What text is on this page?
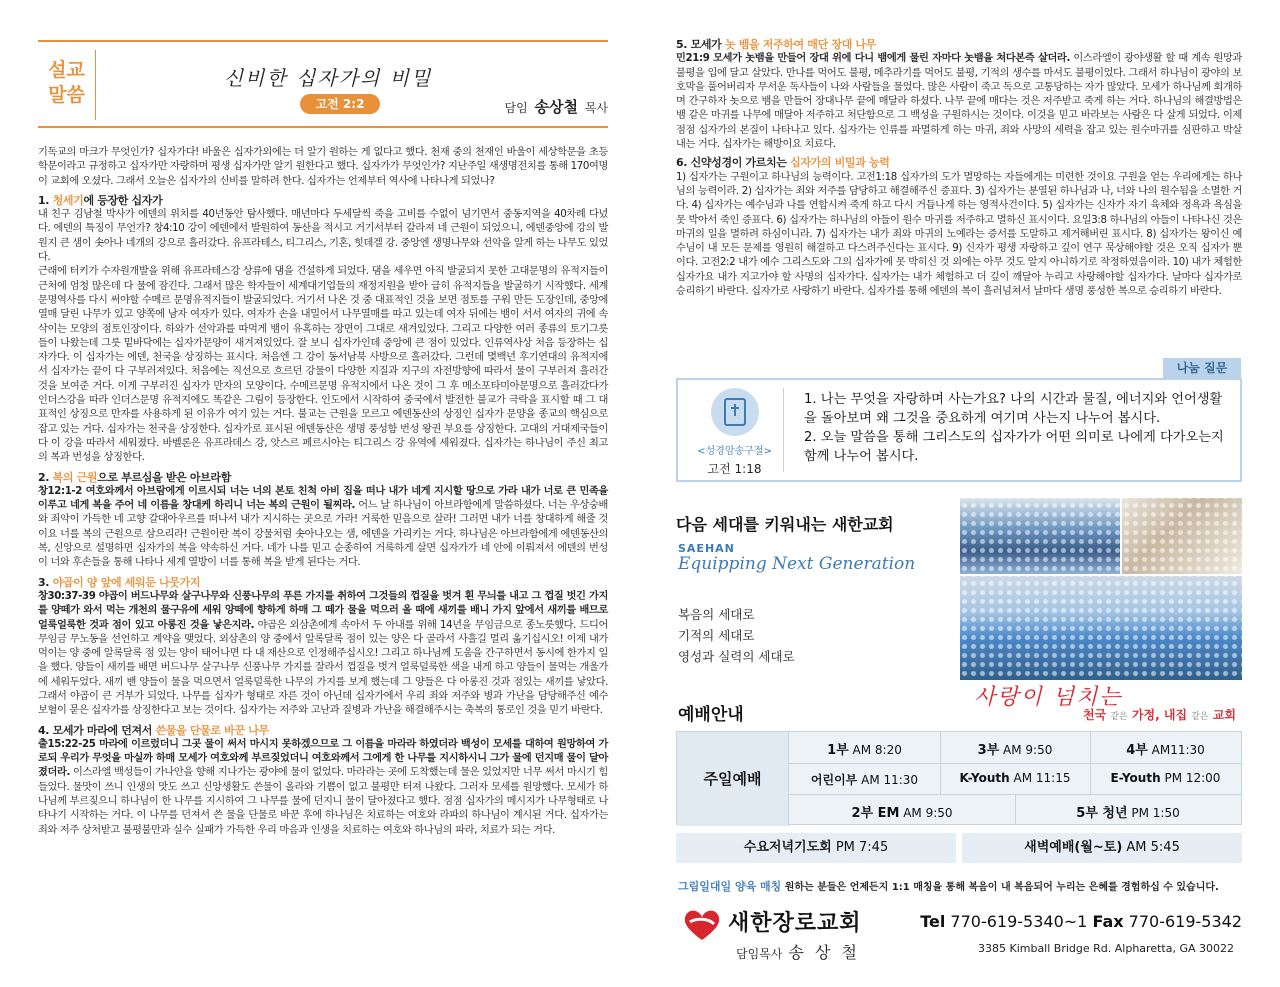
설교
말씀
신비한 십자가의 비밀
고전 2:2	담임 송상철 목사

기독교의 마크가 무엇인가? 십자가다! 바울은 십자가외에는 더 알기 원하는 게 없다고 했다. 천재 중의 천재인 바울이 세상학문을 초등학문이라고 규정하고 십자가만 자랑하며 평생 십자가만 알기 원한다고 했다. 십자가가 무엇인가? 지난주일 새생명전치를 통해 170여명이 교회에 오셨다. 그래서 오늘은 십자가의 신비를 말하려 한다. 십자가는 언제부터 역사에 나타나게 되었나?

1. 청세기에 등장한 십자가

내 친구 김남철 박사가 에덴의 위치를 40년동안 탐사했다. 매년마다 두세달씩 죽을 고비를 수없이 넘기면서 중동지역을 40차례 다녔다. 에덴의 특징이 무언가? 창4:10 강이 에덴에서 발원하여 동산을 적시고 거기서부터 갈라져 네 근원이 되었으니, 에덴중앙에 강의 발원지 큰 샘이 솟아나 네개의 강으로 흘러갔다. 유프라테스, 티그리스, 기혼, 힛데겔 강. 중앙엔 생명나무와 선악을 알게 하는 나무도 있었다.
근래에 터키가 수자원개발을 위해 유프라테스강 상류에 댐을 건설하게 되었다. 댐을 세우면 아직 발굴되지 못한 고대문명의 유적지들이 근처에 엄청 많은데 다 물에 잠긴다. 그래서 많은 학자들이 세계대기업들의 재정지원을 받아 급히 유적지들을 발굴하기 시작했다. 세계문명역사를 다시 써야할 수메르 문명유적지들이 발굴되었다. 거기서 나온 것 중 대표적인 것을 보면 점토를 구워 만든 도장인데, 중앙에 열매 달린 나무가 있고 양쪽에 남자 여자가 있다. 여자가 손을 내밀어서 나무열매를 따고 있는데 여자 뒤에는 뱀이 서서 여자의 귀에 속삭이는 모양의 점토인장이다. 하와가 선악과를 따먹게 뱀이 유혹하는 장면이 그대로 새겨있었다. 그리고 다양한 여러 종류의 토기그릇들이 나왔는데 그릇 밑바닥에는 십자가문양이 새겨져있었다. 잘 보니 십자가인데 중앙에 큰 점이 있었다. 인류역사상 처음 등장하는 십자가다. 이 십자가는 에덴, 천국을 상징하는 표시다. 처음엔 그 강이 동서남북 사방으로 흘러갔다. 그런데 몇백년 후기연대의 유적지에서 십자가는 끝이 다 구부러져있다. 처음에는 직선으로 흐르던 강물이 다양한 지질과 지구의 자전방향에 따라서 물이 구부러져 흘러간 것을 보여준 거다. 이게 구부러진 십자가 만자의 모양이다. 수메르문명 유적지에서 나온 것이 그 후 메소포타미아문명으로 흘러갔다가 인더스강을 따라 인더스문명 유적지에도 똑같은 그림이 등장한다. 인도에서 시작하여 중국에서 발전한 불교가 극락을 표시할 때 그 대표적인 상징으로 만자를 사용하게 된 이유가 여기 있는 거다. 불교는 근원을 모르고 에덴동산의 상징인 십자가 문양을 종교의 핵심으로 잡고 있는 거다. 십자가는 천국을 상징한다. 십자가로 표시된 에덴동산은 생명 풍성함 번성 왕권 부요를 상징한다. 고대의 거대제국들이 다 이 강을 따라서 세워졌다. 바벨론은 유프라데스 강, 앗스르 페르시아는 티그리스 강 유역에 세워졌다. 십자가는 하나님이 주신 최고의 복과 번성을 상징한다.

2. 복의 근원으로 부르심을 받은 아브라함

창12:1-2 여호와께서 아브람에게 이르시되 너는 너의 본토 친척 아비 집을 떠나 내가 네게 지시할 땅으로 가라 내가 너로 큰 민족을 이루고 네게 복을 주어 네 이름을 창대케 하리니 너는 복의 근원이 될찌라. 어느 날 하나님이 아브라함에게 말씀하셨다. 너는 우상숭배와 죄악이 가득한 네 고향 갈대아우르를 떠나서 내가 지시하는 곳으로 가라! 거룩한 믿음으로 살라! 그러면 내가 너를 창대하게 해줄 것이요 너를 복의 근원으로 삼으리라! 근원이란 복이 강물처럼 솟아나오는 샘, 에덴을 가리키는 거다. 하나님은 아브라함에게 에덴동산의 복, 신앙으로 설명하면 십자가의 복을 약속하신 거다. 네가 나를 믿고 순종하여 거룩하게 살면 십자가가 네 안에 이뤄져서 에덴의 번성이 너와 후손들을 통해 나타나 세계 열방이 너를 통해 복을 받게 된다는 거다.

3. 야곱이 양 앞에 세워둔 나뭇가지

창30:37-39 야곱이 버드나무와 살구나무와 신풍나무의 푸른 가지를 취하여 그것들의 껍질을 벗겨 흰 무늬를 내고 그 껍질 벗긴 가지를 양떼가 와서 먹는 개천의 물구유에 세워 양떼에 향하게 하매 그 떼가 물을 먹으러 올 때에 새끼를 배니 가지 앞에서 새끼를 배므로 얼룩얼룩한 것과 점이 있고 아롱진 것을 낳은지라. 야곱은 외삼촌에게 속아서 두 아내를 위해 14년을 무임금으로 종노릇했다. 드디어 무임금 무노동을 선언하고 계약을 맺었다. 외삼촌의 양 중에서 알록달록 점이 있는 양은 다 골라서 사흘길 멀리 옮기십시오! 이제 내가 먹이는 양 중에 알록달록 점 있는 양이 태어나면 다 내 재산으로 인정해주십시오! 그리고 하나님께 도움을 간구하면서 동시에 한가지 일을 했다. 양들이 새끼를 배면 버드나무 살구나무 신풍나무 가지를 잘라서 껍질을 벗겨 얼룩덜룩한 색을 내게 하고 양들이 물먹는 개울가에 세워두었다. 새끼 밴 양들이 물을 먹으면서 얼룩덜룩한 나무의 가지를 보게 했는데 그 양들은 다 아롱진 것과 점있는 새끼를 낳았다. 그래서 야곱이 큰 거부가 되었다. 나무를 십자가 형태로 자른 것이 아닌데 십자가에서 우리 죄와 저주와 병과 가난을 담당해주신 예수 보혈이 묻은 십자가를 상징한다고 보는 것이다. 십자가는 저주와 고난과 질병과 가난을 해결해주시는 축복의 통로인 것을 믿기 바란다.

4. 모세가 마라에 던져서 쓴물을 단물로 바꾼 나무

출15:22-25 마라에 이르렀더니 그곳 물이 써서 마시지 못하겠으므로 그 이름을 마라라 하였더라 백성이 모세를 대하여 원망하여 가로되 우리가 무엇을 마실까 하매 모세가 여호와께 부르짖었더니 여호와께서 그에게 한 나무를 지시하시니 그가 물에 던지매 물이 달아졌더라. 이스라엘 백성들이 가나안을 향해 지나가는 광야에 물이 없었다. 마라라는 곳에 도착했는데 물은 있었지만 너무 써서 마시기 힘들었다. 물맛이 쓰니 인생의 맛도 쓰고 신앙생활도 쓴물이 올라와 기쁨이 없고 불평만 터져 나왔다. 그러자 모세를 원망했다. 모세가 하나님께 부르짖으니 하나님이 한 나무를 지시하여 그 나무를 물에 던지니 물이 달아졌다고 했다. 점점 십자가의 메시지가 나무형태로 나타나기 시작하는 거다. 이 나무를 던져서 쓴 물을 단물로 바꾼 후에 하나님은 치료하는 여호와 라파의 하나님이 계시된 거다. 십자가는 죄와 저주 상처받고 불평불만과 실수 실패가 가득한 우리 마음과 인생을 치료하는 여호와 하나님의 파라, 치료가 되는 거다.

5. 모세가 놋 뱀을 저주하여 매단 장대 나무

민21:9 모세가 놋뱀을 만들어 장대 위에 다니 뱀에게 물린 자마다 놋뱀을 쳐다본즉 살더라. 이스라엘이 광야생활 할 때 계속 원망과 불평을 입에 달고 살았다. 만나를 먹어도 불평, 메추라기를 먹어도 불평, 기적의 생수를 마셔도 불평이었다. 그래서 하나님이 광야의 보호막을 풀어버리자 무서운 독사들이 나와 사람들을 물었다. 많은 사람이 죽고 독으로 고통당하는 자가 많았다. 모세가 하나님께 회개하며 간구하자 놋으로 뱀을 만들어 장대나무 끝에 매달라 하셨다. 나무 끝에 매다는 것은 저주받고 죽게 하는 거다. 하나님의 해결방법은 뱀 같은 마귀를 나무에 매달아 저주하고 처단함으로 그 백성을 구원하시는 것이다. 이것을 믿고 바라보는 사람은 다 살게 되었다. 이제 점점 십자가의 본질이 나타나고 있다. 십자가는 인류를 파멸하게 하는 마귀, 죄와 사망의 세력을 잡고 있는 원수마귀를 심판하고 박살내는 거다. 십자가는 해방이요 치료다.

6. 신약성경이 가르치는 십자가의 비밀과 능력

1) 십자가는 구원이고 하나님의 능력이다. 고전1:18 십자가의 도가 멸망하는 자들에게는 미련한 것이요 구원을 얻는 우리에게는 하나님의 능력이라. 2) 십자가는 죄와 저주를 담당하고 해결해주신 증표다. 3) 십자가는 분열된 하나님과 나, 너와 나의 원수됨을 소멸한 거다. 4) 십자가는 예수님과 나를 연합시켜 죽게 하고 다시 거듭나게 하는 영적사건이다. 5) 십자가는 신자가 자기 육체와 정욕과 욕심을 못 박아서 죽인 증표다. 6) 십자가는 하나님의 아들이 원수 마귀를 저주하고 멸하신 표시이다. 요일3:8 하나님의 아들이 나타나신 것은 마귀의 일을 멸하려 하심이니라. 7) 십자가는 내가 죄와 마귀의 노예라는 증서를 도말하고 제거해버린 표시다. 8) 십자가는 왕이신 예수님이 내 모든 문제를 영원히 해결하고 다스려주신다는 표시다. 9) 신자가 평생 자랑하고 깊이 연구 묵상해야할 것은 오직 십자가 뿐이다. 고전2:2 내가 예수 그리스도와 그의 십자가에 못 박히신 것 외에는 아무 것도 알지 아니하기로 작정하였음이라. 10) 내가 체험한 십자가요 내가 지고가야 할 사명의 십자가다. 십자가는 내가 체험하고 더 깊이 깨달아 누리고 사랑해야할 십자가다. 날마다 십자가로 승리하기 바란다. 십자가로 사랑하기 바란다. 십자가를 통해 에덴의 복이 흘러넘쳐서 날마다 생명 풍성한 복으로 승리하기 바란다.

나눔 질문
<성경암송구절>
고전 1:18
1. 나는 무엇을 자랑하며 사는가요? 나의 시간과 물질, 에너지와 언어생활을 돌아보며 왜 그것을 중요하게 여기며 사는지 나누어 봅시다.
2. 오늘 말씀을 통해 그리스도의 십자가가 어떤 의미로 나에게 다가오는지 함께 나누어 봅시다.
다음 세대를 키워내는 새한교회
SAEHAN
Equipping Next Generation
복음의 세대로
기적의 세대로
영성과 실력의 세대로
사랑이 넘치는
천국 같은 가정, 내집 같은 교회
예배안내
주일예배
1부 AM 8:20	3부 AM 9:50	4부 AM11:30
어린이부 AM 11:30	K-Youth AM 11:15	E-Youth PM 12:00
2부 EM AM 9:50	5부 청년 PM 1:50
수요저녁기도회 PM 7:45	새벽예배(월~토) AM 5:45
그림일대일 양육 매칭 원하는 분들은 언제든지 1:1 매칭을 통해 복음이 내 복음되어 누리는 은혜를 경험하십 수 있습니다.
새한장로교회
담임목사 송 상 철
Tel 770-619-5340~1 Fax 770-619-5342
3385 Kimball Bridge Rd. Alpharetta, GA 30022
